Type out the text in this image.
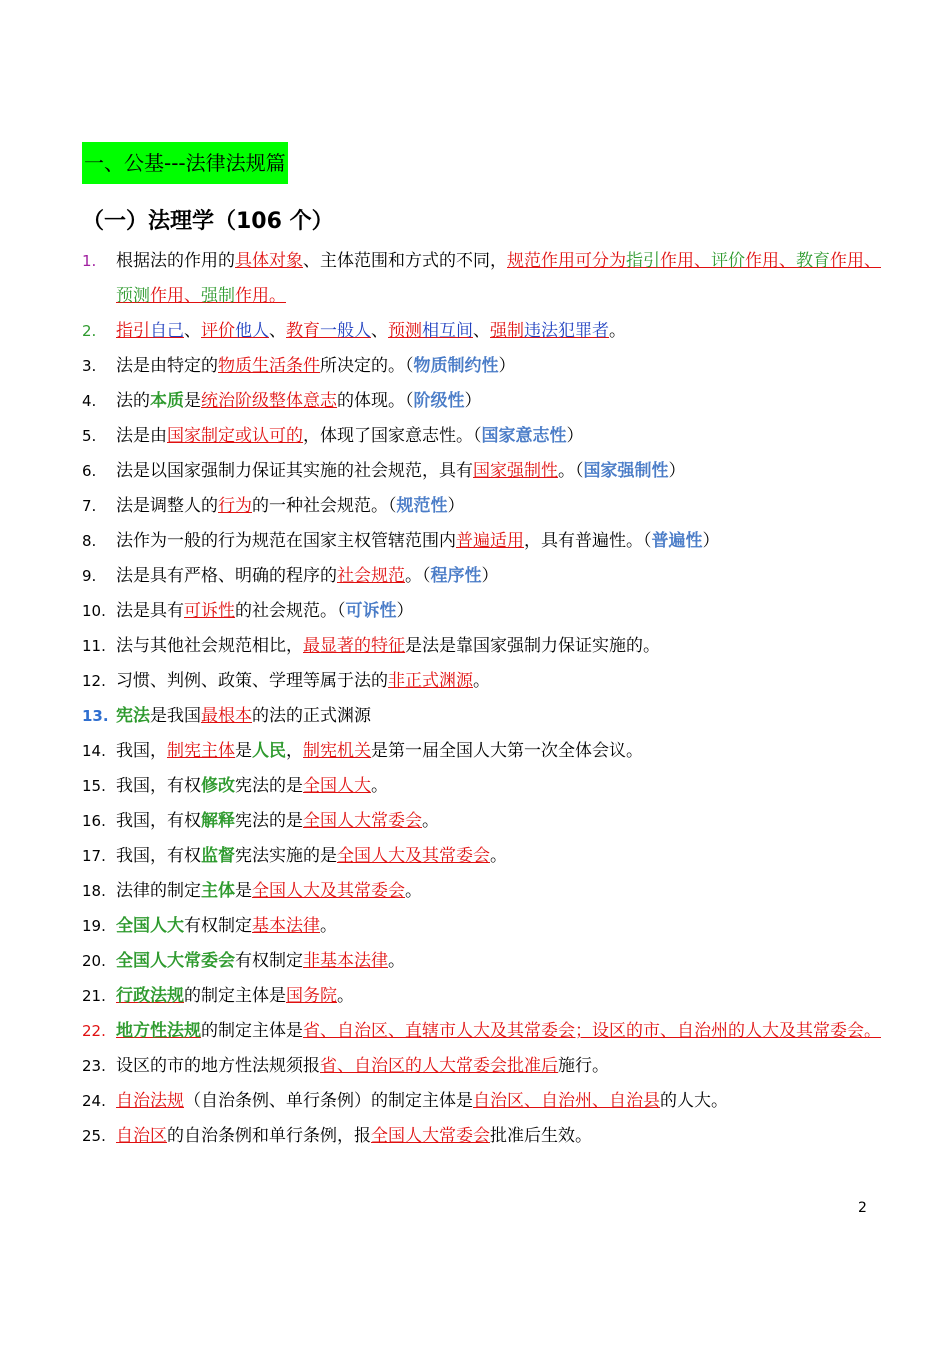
一、公基---法律法规篇
（一）法理学（106 个）
1.	根据法的作用的具体对象、主体范围和方式的不同，规范作用可分为指引作用、评价作用、教育作用、预测作用、强制作用。
2.	指引自己、评价他人、教育一般人、预测相互间、强制违法犯罪者。
3.	法是由特定的物质生活条件所决定的。（物质制约性）
4.	法的本质是统治阶级整体意志的体现。（阶级性）
5.	法是由国家制定或认可的，体现了国家意志性。（国家意志性）
6.	法是以国家强制力保证其实施的社会规范，具有国家强制性。（国家强制性）
7.	法是调整人的行为的一种社会规范。（规范性）
8.	法作为一般的行为规范在国家主权管辖范围内普遍适用，具有普遍性。（普遍性）
9.	法是具有严格、明确的程序的社会规范。（程序性）
10. 法是具有可诉性的社会规范。（可诉性）
11. 法与其他社会规范相比，最显著的特征是法是靠国家强制力保证实施的。
12. 习惯、判例、政策、学理等属于法的非正式渊源。
13. 宪法是我国最根本的法的正式渊源
14. 我国，制宪主体是人民，制宪机关是第一届全国人大第一次全体会议。
15. 我国，有权修改宪法的是全国人大。
16. 我国，有权解释宪法的是全国人大常委会。
17. 我国，有权监督宪法实施的是全国人大及其常委会。
18. 法律的制定主体是全国人大及其常委会。
19. 全国人大有权制定基本法律。
20. 全国人大常委会有权制定非基本法律。
21. 行政法规的制定主体是国务院。
22. 地方性法规的制定主体是省、自治区、直辖市人大及其常委会；设区的市、自治州的人大及其常委会。
23. 设区的市的地方性法规须报省、自治区的人大常委会批准后施行。
24. 自治法规（自治条例、单行条例）的制定主体是自治区、自治州、自治县的人大。
25. 自治区的自治条例和单行条例，报全国人大常委会批准后生效。
2
